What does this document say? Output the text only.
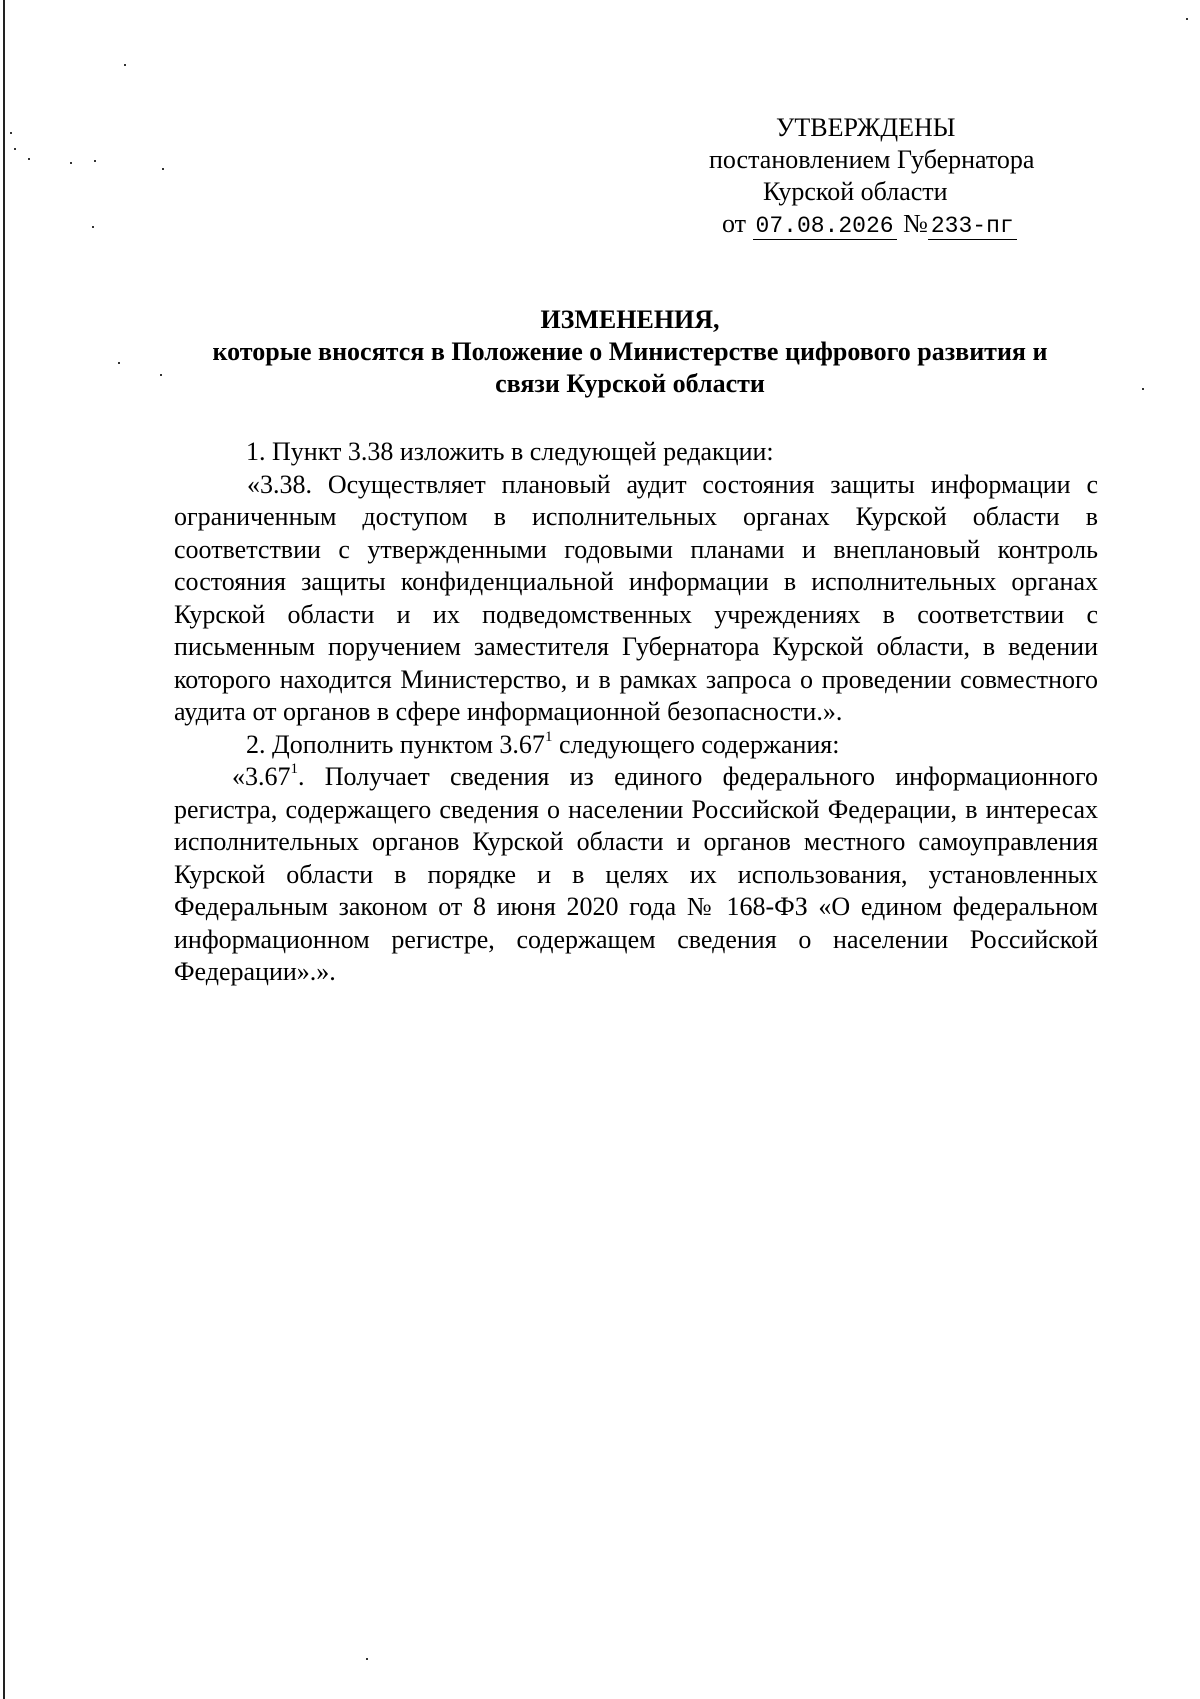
УТВЕРЖДЕНЫ
постановлением Губернатора
Курской области
от 07.08.2026 № 233-пг
ИЗМЕНЕНИЯ,
которые вносятся в Положение о Министерстве цифрового развития и
связи Курской области

1. Пункт 3.38 изложить в следующей редакции:

«3.38. Осуществляет плановый аудит состояния защиты информации с ограниченным доступом в исполнительных органах Курской области в соответствии с утвержденными годовыми планами и внеплановый контроль состояния защиты конфиденциальной информации в исполнительных органах Курской области и их подведомственных учреждениях в соответствии с письменным поручением заместителя Губернатора Курской области, в ведении которого находится Министерство, и в рамках запроса о проведении совместного аудита от органов в сфере информационной безопасности.».

2. Дополнить пунктом 3.67$^1$ следующего содержания:

«3.67$^1$. Получает сведения из единого федерального информационного регистра, содержащего сведения о населении Российской Федерации, в интересах исполнительных органов Курской области и органов местного самоуправления Курской области в порядке и в целях их использования, установленных Федеральным законом от 8 июня 2020 года № 168-ФЗ «О едином федеральном информационном регистре, содержащем сведения о населении Российской Федерации».».
